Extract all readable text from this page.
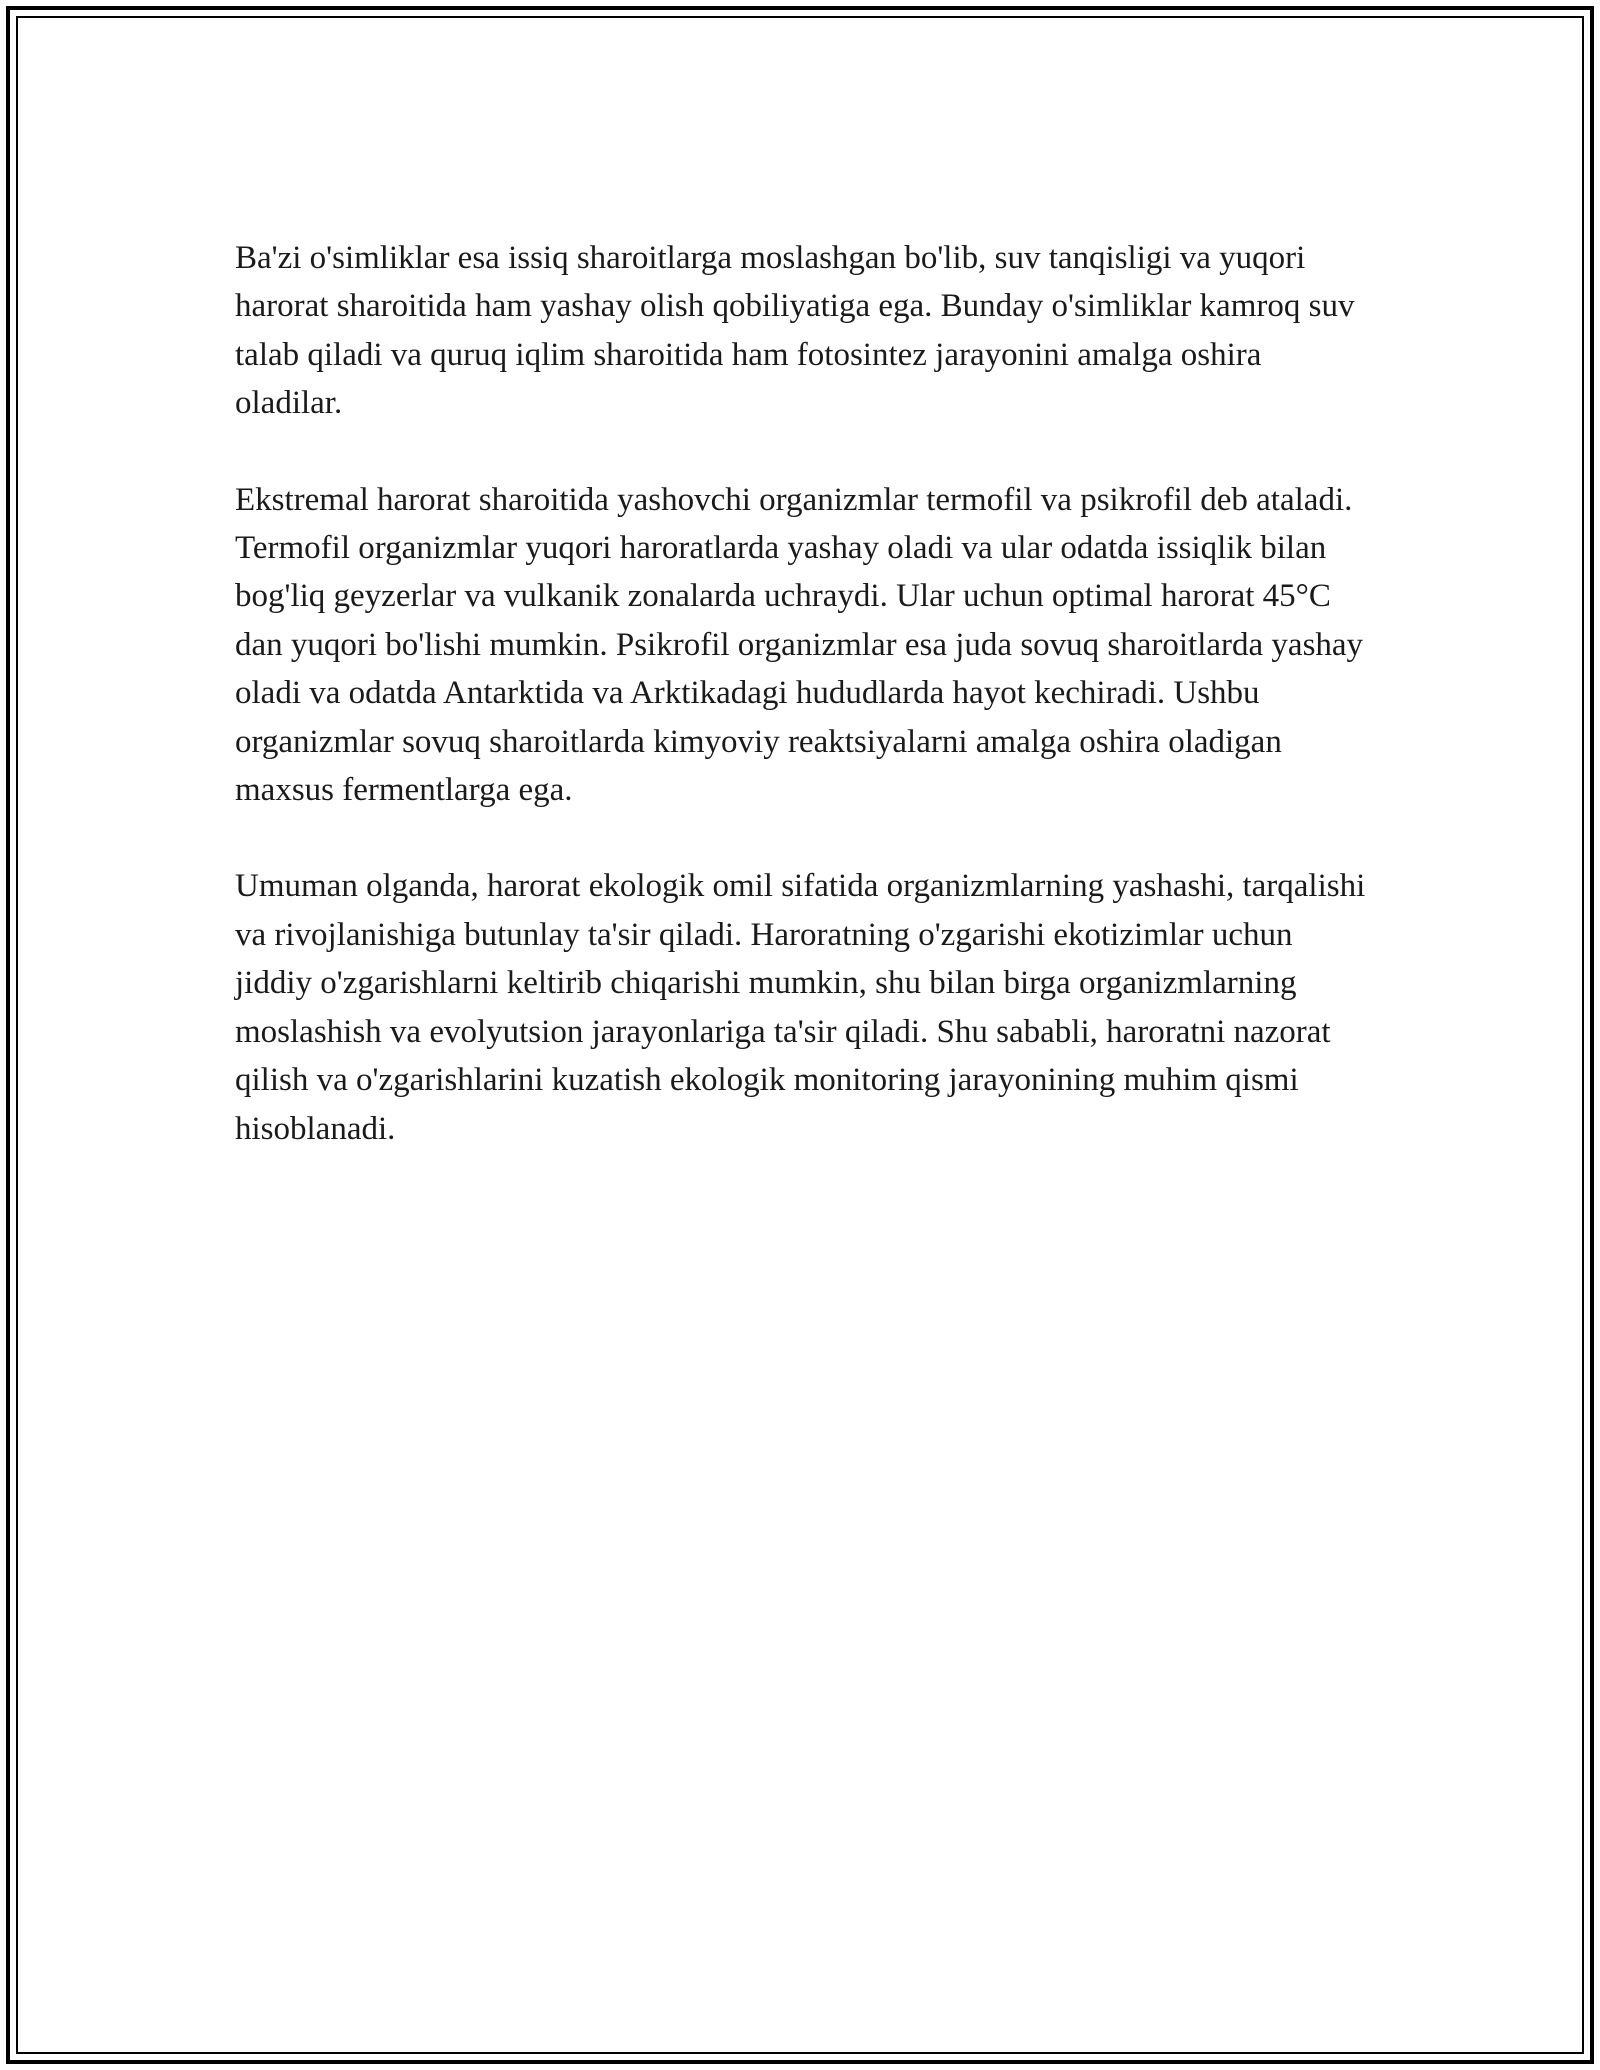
Ba'zi o'simliklar esa issiq sharoitlarga moslashgan bo'lib, suv tanqisligi va yuqori harorat sharoitida ham yashay olish qobiliyatiga ega. Bunday o'simliklar kamroq suv talab qiladi va quruq iqlim sharoitida ham fotosintez jarayonini amalga oshira oladilar.

Ekstremal harorat sharoitida yashovchi organizmlar termofil va psikrofil deb ataladi. Termofil organizmlar yuqori haroratlarda yashay oladi va ular odatda issiqlik bilan bog'liq geyzerlar va vulkanik zonalarda uchraydi. Ular uchun optimal harorat 45°C dan yuqori bo'lishi mumkin. Psikrofil organizmlar esa juda sovuq sharoitlarda yashay oladi va odatda Antarktida va Arktikadagi hududlarda hayot kechiradi. Ushbu organizmlar sovuq sharoitlarda kimyoviy reaktsiyalarni amalga oshira oladigan maxsus fermentlarga ega.

Umuman olganda, harorat ekologik omil sifatida organizmlarning yashashi, tarqalishi va rivojlanishiga butunlay ta'sir qiladi. Haroratning o'zgarishi ekotizimlar uchun jiddiy o'zgarishlarni keltirib chiqarishi mumkin, shu bilan birga organizmlarning moslashish va evolyutsion jarayonlariga ta'sir qiladi. Shu sababli, haroratni nazorat qilish va o'zgarishlarini kuzatish ekologik monitoring jarayonining muhim qismi hisoblanadi.
